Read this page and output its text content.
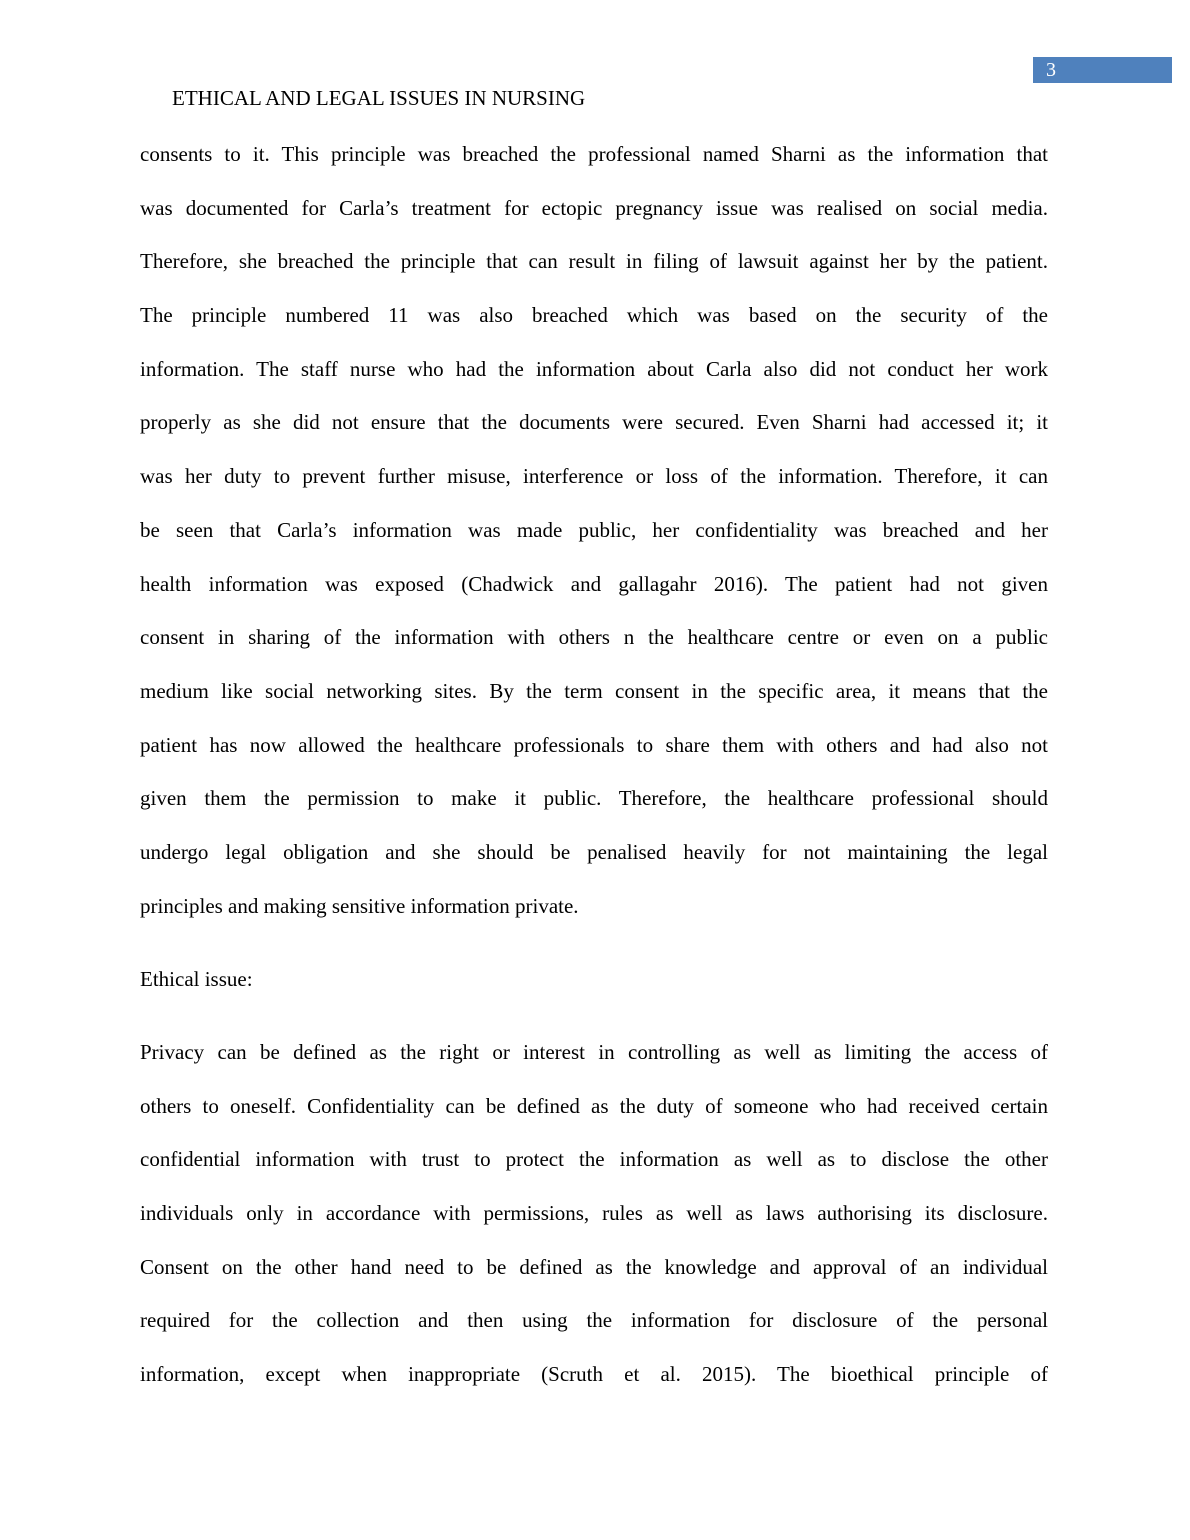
3
ETHICAL AND LEGAL ISSUES IN NURSING
consents to it. This principle was breached the professional named Sharni as the information that
was documented for Carla’s treatment for ectopic pregnancy issue was realised on social media.
Therefore, she breached the principle that can result in filing of lawsuit against her by the patient.
The principle numbered 11 was also breached which was based on the security of the
information. The staff nurse who had the information about Carla also did not conduct her work
properly as she did not ensure that the documents were secured. Even Sharni had accessed it; it
was her duty to prevent further misuse, interference or loss of the information. Therefore, it can
be seen that Carla’s information was made public, her confidentiality was breached and her
health information was exposed (Chadwick and gallagahr 2016). The patient had not given
consent in sharing of the information with others n the healthcare centre or even on a public
medium like social networking sites. By the term consent in the specific area, it means that the
patient has now allowed the healthcare professionals to share them with others and had also not
given them the permission to make it public. Therefore, the healthcare professional should
undergo legal obligation and she should be penalised heavily for not maintaining the legal
principles and making sensitive information private.
Ethical issue:
Privacy can be defined as the right or interest in controlling as well as limiting the access of
others to oneself. Confidentiality can be defined as the duty of someone who had received certain
confidential information with trust to protect the information as well as to disclose the other
individuals only in accordance with permissions, rules as well as laws authorising its disclosure.
Consent on the other hand need to be defined as the knowledge and approval of an individual
required for the collection and then using the information for disclosure of the personal
information, except when inappropriate (Scruth et al. 2015). The bioethical principle of
